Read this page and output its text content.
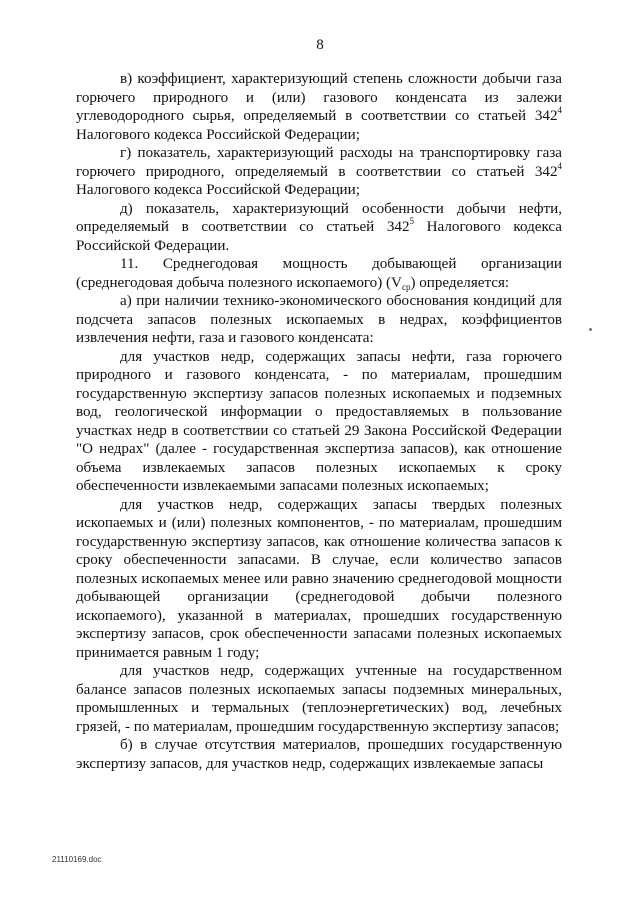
8

в) коэффициент, характеризующий степень сложности добычи газа горючего природного и (или) газового конденсата из залежи углеводородного сырья, определяемый в соответствии со статьей $342^4$ Налогового кодекса Российской Федерации;

г) показатель, характеризующий расходы на транспортировку газа горючего природного, определяемый в соответствии со статьей $342^4$ Налогового кодекса Российской Федерации;

д) показатель, характеризующий особенности добычи нефти, определяемый в соответствии со статьей $342^5$ Налогового кодекса Российской Федерации.

11. Среднегодовая мощность добывающей организации (среднегодовая добыча полезного ископаемого) $(V_{ср})$ определяется:

а) при наличии технико-экономического обоснования кондиций для подсчета запасов полезных ископаемых в недрах, коэффициентов извлечения нефти, газа и газового конденсата:

для участков недр, содержащих запасы нефти, газа горючего природного и газового конденсата, - по материалам, прошедшим государственную экспертизу запасов полезных ископаемых и подземных вод, геологической информации о предоставляемых в пользование участках недр в соответствии со статьей 29 Закона Российской Федерации "О недрах" (далее - государственная экспертиза запасов), как отношение объема извлекаемых запасов полезных ископаемых к сроку обеспеченности извлекаемыми запасами полезных ископаемых;

для участков недр, содержащих запасы твердых полезных ископаемых и (или) полезных компонентов, - по материалам, прошедшим государственную экспертизу запасов, как отношение количества запасов к сроку обеспеченности запасами. В случае, если количество запасов полезных ископаемых менее или равно значению среднегодовой мощности добывающей организации (среднегодовой добычи полезного ископаемого), указанной в материалах, прошедших государственную экспертизу запасов, срок обеспеченности запасами полезных ископаемых принимается равным 1 году;

для участков недр, содержащих учтенные на государственном балансе запасов полезных ископаемых запасы подземных минеральных, промышленных и термальных (теплоэнергетических) вод, лечебных грязей, - по материалам, прошедшим государственную экспертизу запасов;

б) в случае отсутствия материалов, прошедших государственную экспертизу запасов, для участков недр, содержащих извлекаемые запасы

21110169.doc
